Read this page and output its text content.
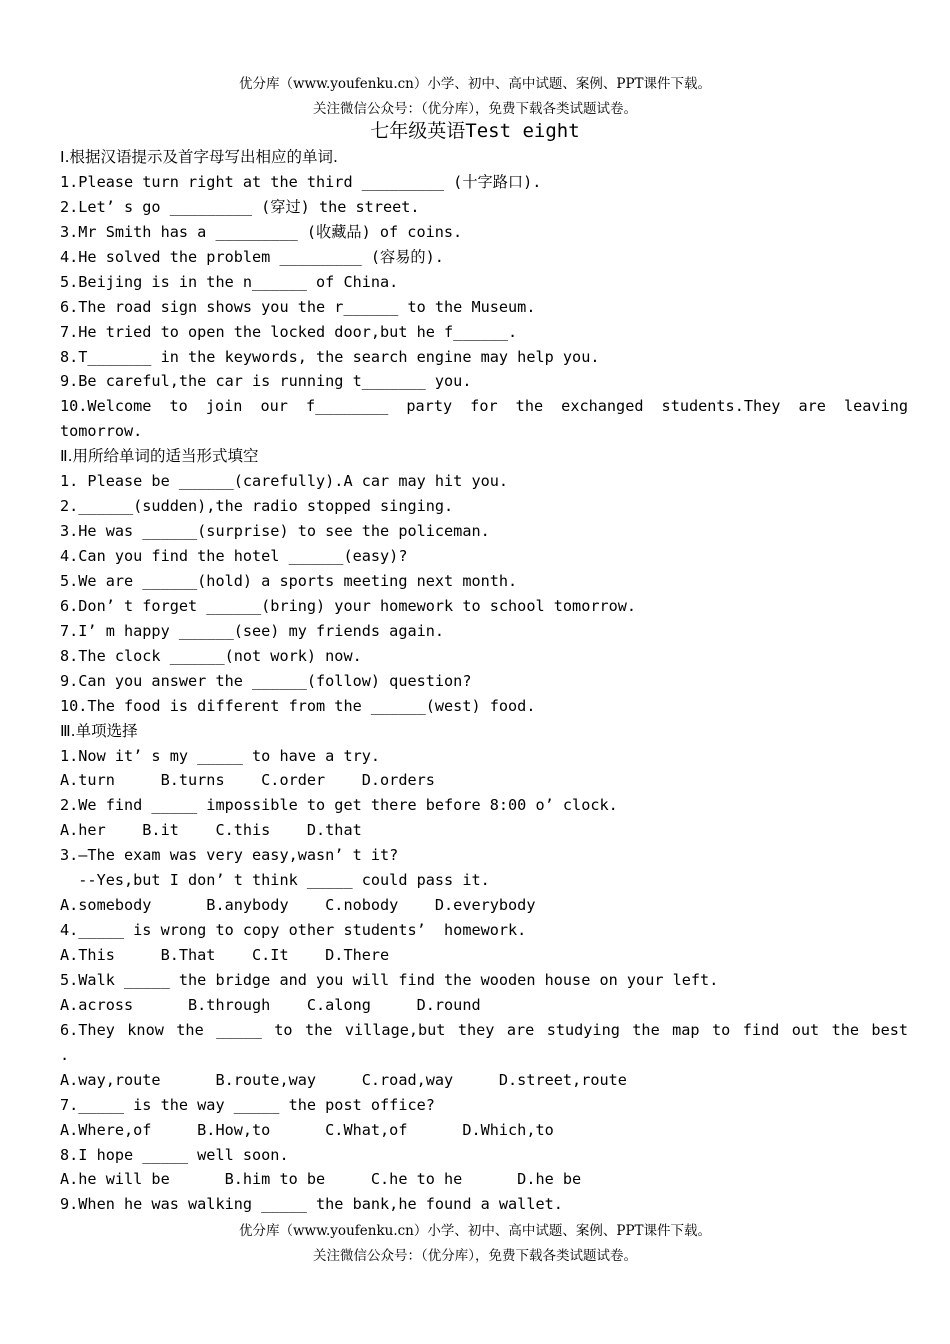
优分库（www.youfenku.cn）小学、初中、高中试题、案例、PPT课件下载。
关注微信公众号：（优分库），免费下载各类试题试卷。
七年级英语Test eight
I.根据汉语提示及首字母写出相应的单词.
1.Please turn right at the third _________ (十字路口).
2.Let’ s go _________ (穿过) the street.
3.Mr Smith has a _________ (收藏品) of coins.
4.He solved the problem _________ (容易的).
5.Beijing is in the n______ of China.
6.The road sign shows you the r______ to the Museum.
7.He tried to open the locked door,but he f______.
8.T_______ in the keywords, the search engine may help you.
9.Be careful,the car is running t_______ you.
10.Welcome to join our f________ party for the exchanged students.They are leaving
tomorrow.
Ⅱ.用所给单词的适当形式填空
1. Please be ______(carefully).A car may hit you.
2.______(sudden),the radio stopped singing.
3.He was ______(surprise) to see the policeman.
4.Can you find the hotel ______(easy)?
5.We are ______(hold) a sports meeting next month.
6.Don’ t forget ______(bring) your homework to school tomorrow.
7.I’ m happy ______(see) my friends again.
8.The clock ______(not work) now.
9.Can you answer the ______(follow) question?
10.The food is different from the ______(west) food.
Ⅲ.单项选择
1.Now it’ s my _____ to have a try.
A.turn     B.turns    C.order    D.orders
2.We find _____ impossible to get there before 8:00 o’ clock.
A.her    B.it    C.this    D.that
3.—The exam was very easy,wasn’ t it?
--Yes,but I don’ t think _____ could pass it.
A.somebody      B.anybody    C.nobody    D.everybody
4._____ is wrong to copy other students’  homework.
A.This     B.That    C.It    D.There
5.Walk _____ the bridge and you will find the wooden house on your left.
A.across      B.through    C.along     D.round
6.They know the _____ to the village,but they are studying the map to find out the best
.
A.way,route      B.route,way     C.road,way     D.street,route
7._____ is the way _____ the post office?
A.Where,of     B.How,to      C.What,of      D.Which,to
8.I hope _____ well soon.
A.he will be      B.him to be     C.he to he      D.he be
9.When he was walking _____ the bank,he found a wallet.
优分库（www.youfenku.cn）小学、初中、高中试题、案例、PPT课件下载。
关注微信公众号：（优分库），免费下载各类试题试卷。
